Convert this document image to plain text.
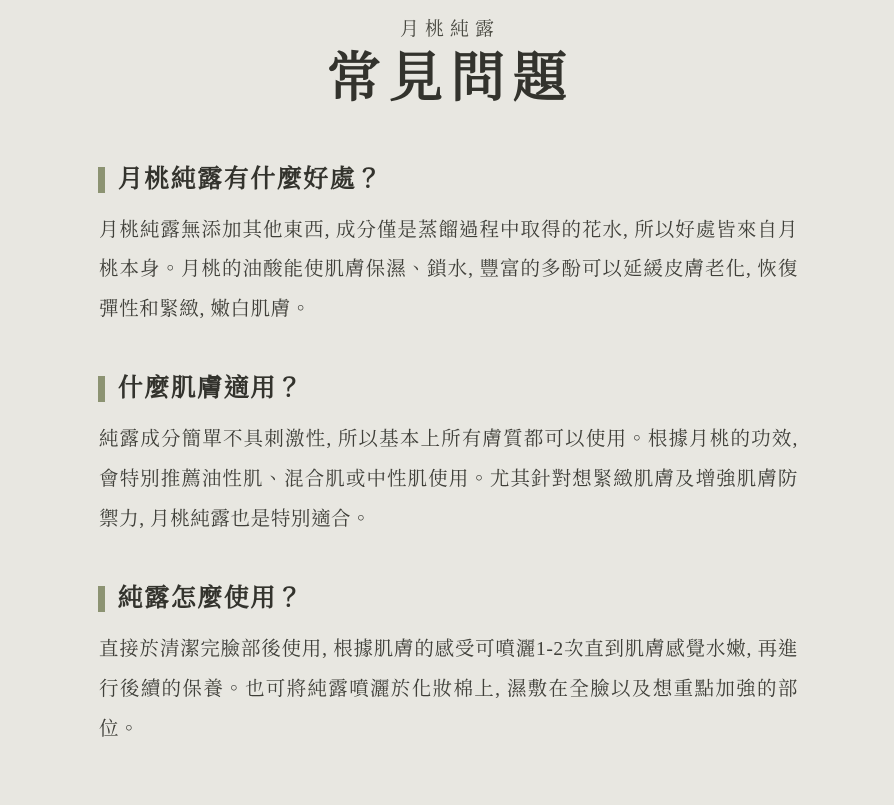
月桃純露
常見問題
月桃純露有什麼好處？

月桃純露無添加其他東西, 成分僅是蒸餾過程中取得的花水, 所以好處皆來自月桃本身。月桃的油酸能使肌膚保濕、鎖水, 豐富的多酚可以延緩皮膚老化, 恢復彈性和緊緻, 嫩白肌膚。

什麼肌膚適用？

純露成分簡單不具刺激性, 所以基本上所有膚質都可以使用。根據月桃的功效, 會特別推薦油性肌、混合肌或中性肌使用。尤其針對想緊緻肌膚及增強肌膚防禦力, 月桃純露也是特別適合。

純露怎麼使用？

直接於清潔完臉部後使用, 根據肌膚的感受可噴灑1-2次直到肌膚感覺水嫩, 再進行後續的保養。也可將純露噴灑於化妝棉上, 濕敷在全臉以及想重點加強的部位。
